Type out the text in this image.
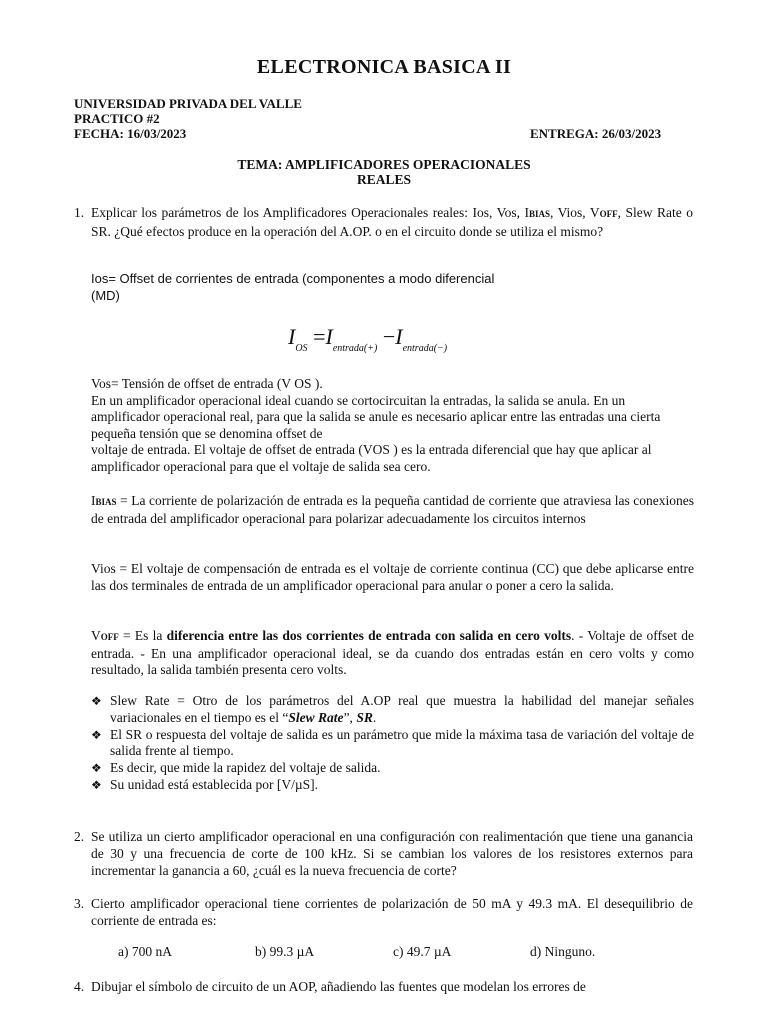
ELECTRONICA BASICA II
UNIVERSIDAD PRIVADA DEL VALLE
PRACTICO #2
FECHA: 16/03/2023	ENTREGA: 26/03/2023
TEMA: AMPLIFICADORES OPERACIONALES
REALES
1. Explicar los parámetros de los Amplificadores Operacionales reales: Ios, Vos, IBIAS, Vios, VOFF, Slew Rate o SR. ¿Qué efectos produce en la operación del A.OP. o en el circuito donde se utiliza el mismo?
Ios= Offset de corrientes de entrada (componentes a modo diferencial
(MD)
$I_{OS} =I_{entrada(+)} -I_{entrada(-)}$
Vos= Tensión de offset de entrada (V OS ).
En un amplificador operacional ideal cuando se cortocircuitan la entradas, la salida se anula. En un amplificador operacional real, para que la salida se anule es necesario aplicar entre las entradas una cierta pequeña tensión que se denomina offset de
voltaje de entrada. El voltaje de offset de entrada (VOS ) es la entrada diferencial que hay que aplicar al amplificador operacional para que el voltaje de salida sea cero.
IBIAS = La corriente de polarización de entrada es la pequeña cantidad de corriente que atraviesa las conexiones de entrada del amplificador operacional para polarizar adecuadamente los circuitos internos
Vios = El voltaje de compensación de entrada es el voltaje de corriente continua (CC) que debe aplicarse entre las dos terminales de entrada de un amplificador operacional para anular o poner a cero la salida.
VOFF = Es la diferencia entre las dos corrientes de entrada con salida en cero volts. - Voltaje de offset de entrada. - En una amplificador operacional ideal, se da cuando dos entradas están en cero volts y como resultado, la salida también presenta cero volts.
❖ Slew Rate = Otro de los parámetros del A.OP real que muestra la habilidad del manejar señales variacionales en el tiempo es el “Slew Rate”, SR.
❖ El SR o respuesta del voltaje de salida es un parámetro que mide la máxima tasa de variación del voltaje de salida frente al tiempo.
❖ Es decir, que mide la rapidez del voltaje de salida.
❖ Su unidad está establecida por [V/µS].
2. Se utiliza un cierto amplificador operacional en una configuración con realimentación que tiene una ganancia de 30 y una frecuencia de corte de 100 kHz. Si se cambian los valores de los resistores externos para incrementar la ganancia a 60, ¿cuál es la nueva frecuencia de corte?
3. Cierto amplificador operacional tiene corrientes de polarización de 50 mA y 49.3 mA. El desequilibrio de corriente de entrada es:
a) 700 nA	b) 99.3 µA	c) 49.7 µA	d) Ninguno.
4. Dibujar el símbolo de circuito de un AOP, añadiendo las fuentes que modelan los errores de
